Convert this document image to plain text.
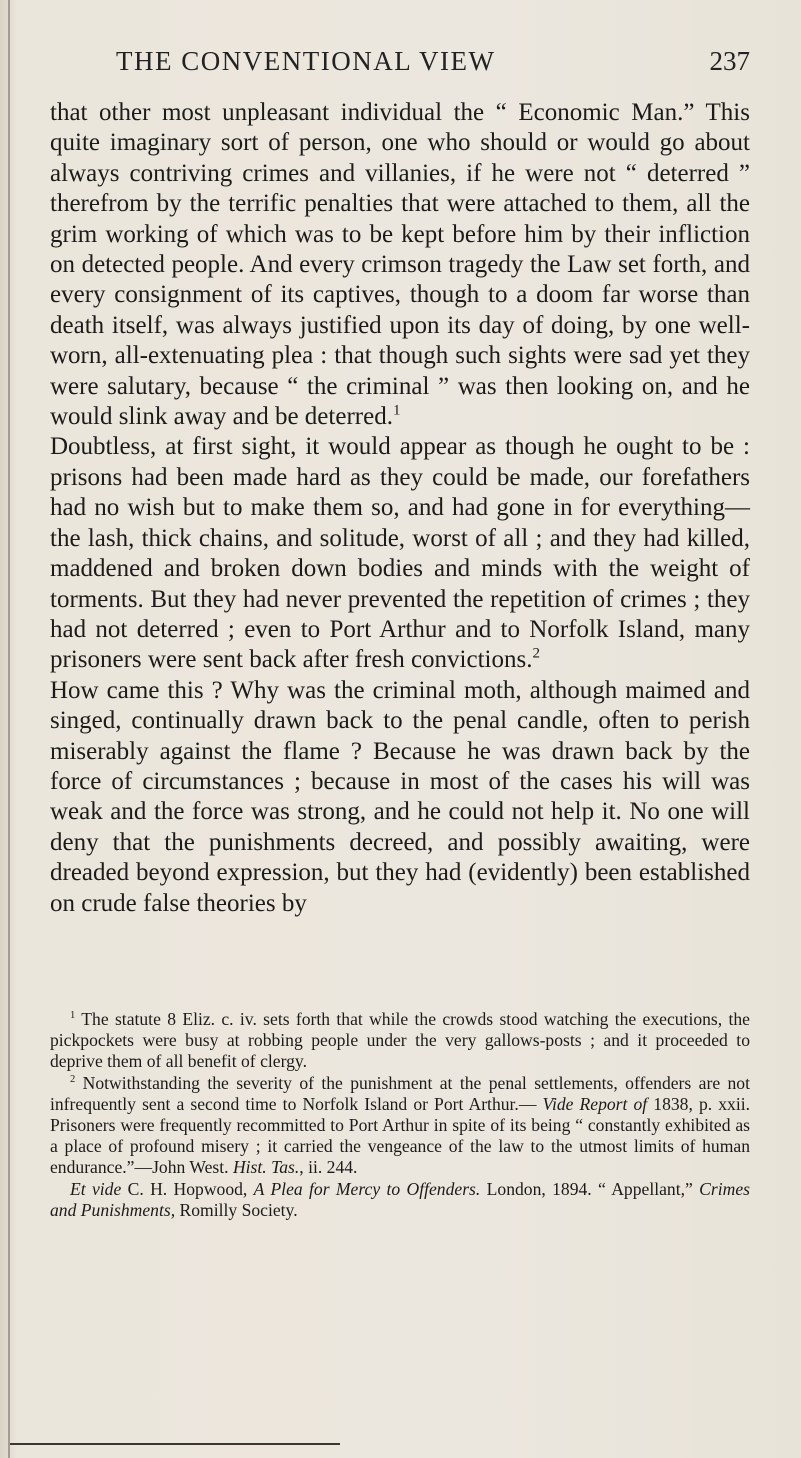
THE CONVENTIONAL VIEW	237

that other most unpleasant individual the “ Economic Man.” This quite imaginary sort of person, one who should or would go about always contriving crimes and villanies, if he were not “ deterred ” therefrom by the terrific penalties that were attached to them, all the grim working of which was to be kept before him by their infliction on detected people. And every crimson tragedy the Law set forth, and every consignment of its captives, though to a doom far worse than death itself, was always justified upon its day of doing, by one well-worn, all-extenuating plea : that though such sights were sad yet they were salutary, because “ the criminal ” was then looking on, and he would slink away and be deterred.$^1$

Doubtless, at first sight, it would appear as though he ought to be : prisons had been made hard as they could be made, our forefathers had no wish but to make them so, and had gone in for everything—the lash, thick chains, and solitude, worst of all ; and they had killed, maddened and broken down bodies and minds with the weight of torments. But they had never prevented the repetition of crimes ; they had not deterred ; even to Port Arthur and to Norfolk Island, many prisoners were sent back after fresh convictions.$^2$

How came this ? Why was the criminal moth, although maimed and singed, continually drawn back to the penal candle, often to perish miserably against the flame ? Because he was drawn back by the force of circumstances ; because in most of the cases his will was weak and the force was strong, and he could not help it. No one will deny that the punishments decreed, and possibly awaiting, were dreaded beyond expression, but they had (evidently) been established on crude false theories by

$^1$ The statute 8 Eliz. c. iv. sets forth that while the crowds stood watching the executions, the pickpockets were busy at robbing people under the very gallows-posts ; and it proceeded to deprive them of all benefit of clergy.

$^2$ Notwithstanding the severity of the punishment at the penal settlements, offenders are not infrequently sent a second time to Norfolk Island or Port Arthur.— Vide Report of 1838, p. xxii. Prisoners were frequently recommitted to Port Arthur in spite of its being “ constantly exhibited as a place of profound misery ; it carried the vengeance of the law to the utmost limits of human endurance.”—John West. Hist. Tas., ii. 244.

Et vide C. H. Hopwood, A Plea for Mercy to Offenders. London, 1894. “ Appellant,” Crimes and Punishments, Romilly Society.
